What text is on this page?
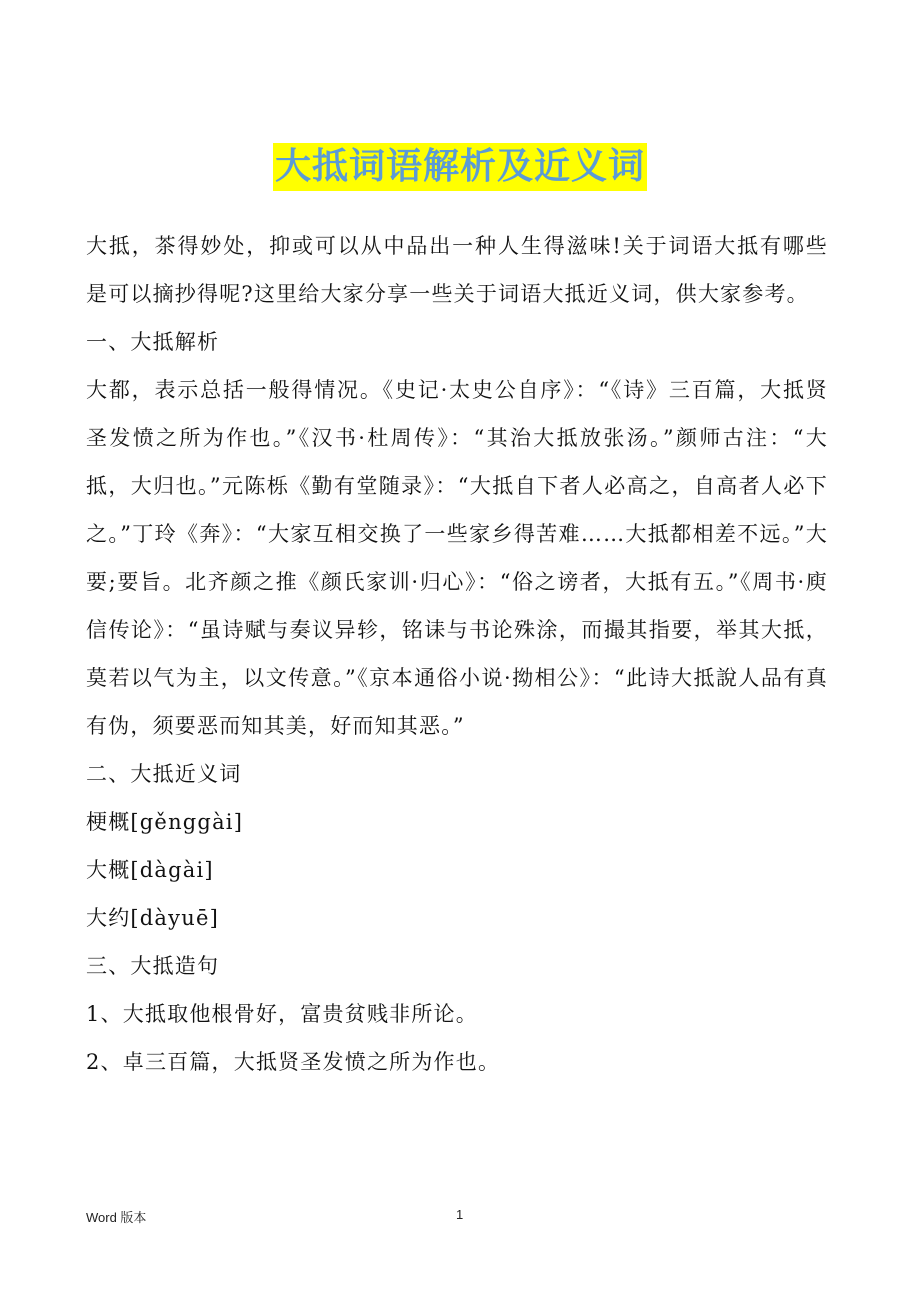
大抵词语解析及近义词

大抵，茶得妙处，抑或可以从中品出一种人生得滋味!关于词语大抵有哪些是可以摘抄得呢?这里给大家分享一些关于词语大抵近义词，供大家参考。

一、大抵解析

大都，表示总括一般得情况。《史记·太史公自序》：“《诗》三百篇，大抵贤圣发愤之所为作也。”《汉书·杜周传》：“其治大抵放张汤。”颜师古注：“大抵，大归也。”元陈栎《勤有堂随录》：“大抵自下者人必高之，自高者人必下之。”丁玲《奔》：“大家互相交换了一些家乡得苦难……大抵都相差不远。”大要;要旨。北齐颜之推《颜氏家训·归心》：“俗之谤者，大抵有五。”《周书·庾信传论》：“虽诗赋与奏议异轸，铭诔与书论殊涂，而撮其指要，举其大抵，莫若以气为主，以文传意。”《京本通俗小说·拗相公》：“此诗大抵說人品有真有伪，须要恶而知其美，好而知其恶。”

二、大抵近义词

梗概[gěnggài]

大概[dàgài]

大约[dàyuē]

三、大抵造句

1、大抵取他根骨好，富贵贫贱非所论。

2、卓三百篇，大抵贤圣发愤之所为作也。

Word 版本	1
